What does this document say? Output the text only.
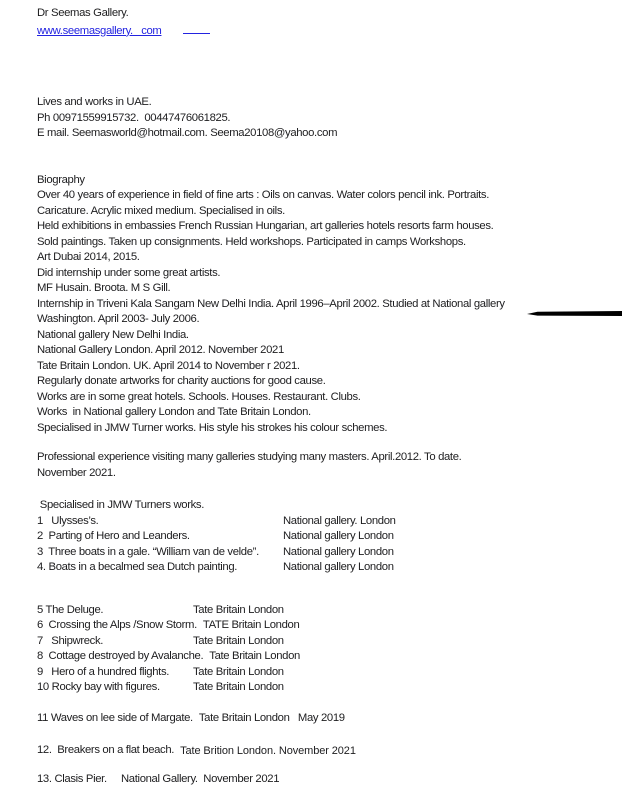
Dr Seemas Gallery.
www.seemasgallery.   com
Lives and works in UAE.
Ph 00971559915732.  00447476061825.
E mail. Seemasworld@hotmail.com. Seema20108@yahoo.com
Biography
Over 40 years of experience in field of fine arts : Oils on canvas. Water colors pencil ink. Portraits.
Caricature. Acrylic mixed medium. Specialised in oils.
Held exhibitions in embassies French Russian Hungarian, art galleries hotels resorts farm houses.
Sold paintings. Taken up consignments. Held workshops. Participated in camps Workshops.
Art Dubai 2014, 2015.
Did internship under some great artists.
MF Husain. Broota. M S Gill.
Internship in Triveni Kala Sangam New Delhi India. April 1996–April 2002. Studied at National gallery
Washington. April 2003- July 2006.
National gallery New Delhi India.
National Gallery London. April 2012. November 2021
Tate Britain London. UK. April 2014 to November r 2021.
Regularly donate artworks for charity auctions for good cause.
Works are in some great hotels. Schools. Houses. Restaurant. Clubs.
Works  in National gallery London and Tate Britain London.
Specialised in JMW Turner works. His style his strokes his colour schemes.
Professional experience visiting many galleries studying many masters. April.2012. To date.
November 2021.
Specialised in JMW Turners works.
1   Ulysses’s.	National gallery. London
2  Parting of Hero and Leanders.	National gallery London
3  Three boats in a gale. “William van de velde”.	National gallery London
4. Boats in a becalmed sea Dutch painting.	National gallery London
5 The Deluge.	Tate Britain London
6  Crossing the Alps /Snow Storm. TATE Britain London
7   Shipwreck.	Tate Britain London
8  Cottage destroyed by Avalanche. Tate Britain London
9   Hero of a hundred flights.	Tate Britain London
10 Rocky bay with figures.	Tate Britain London
11 Waves on lee side of Margate. Tate Britain London   May 2019
12.  Breakers on a flat beach. Tate Brition London. November 2021
13. Clasis Pier.	National Gallery.  November 2021
